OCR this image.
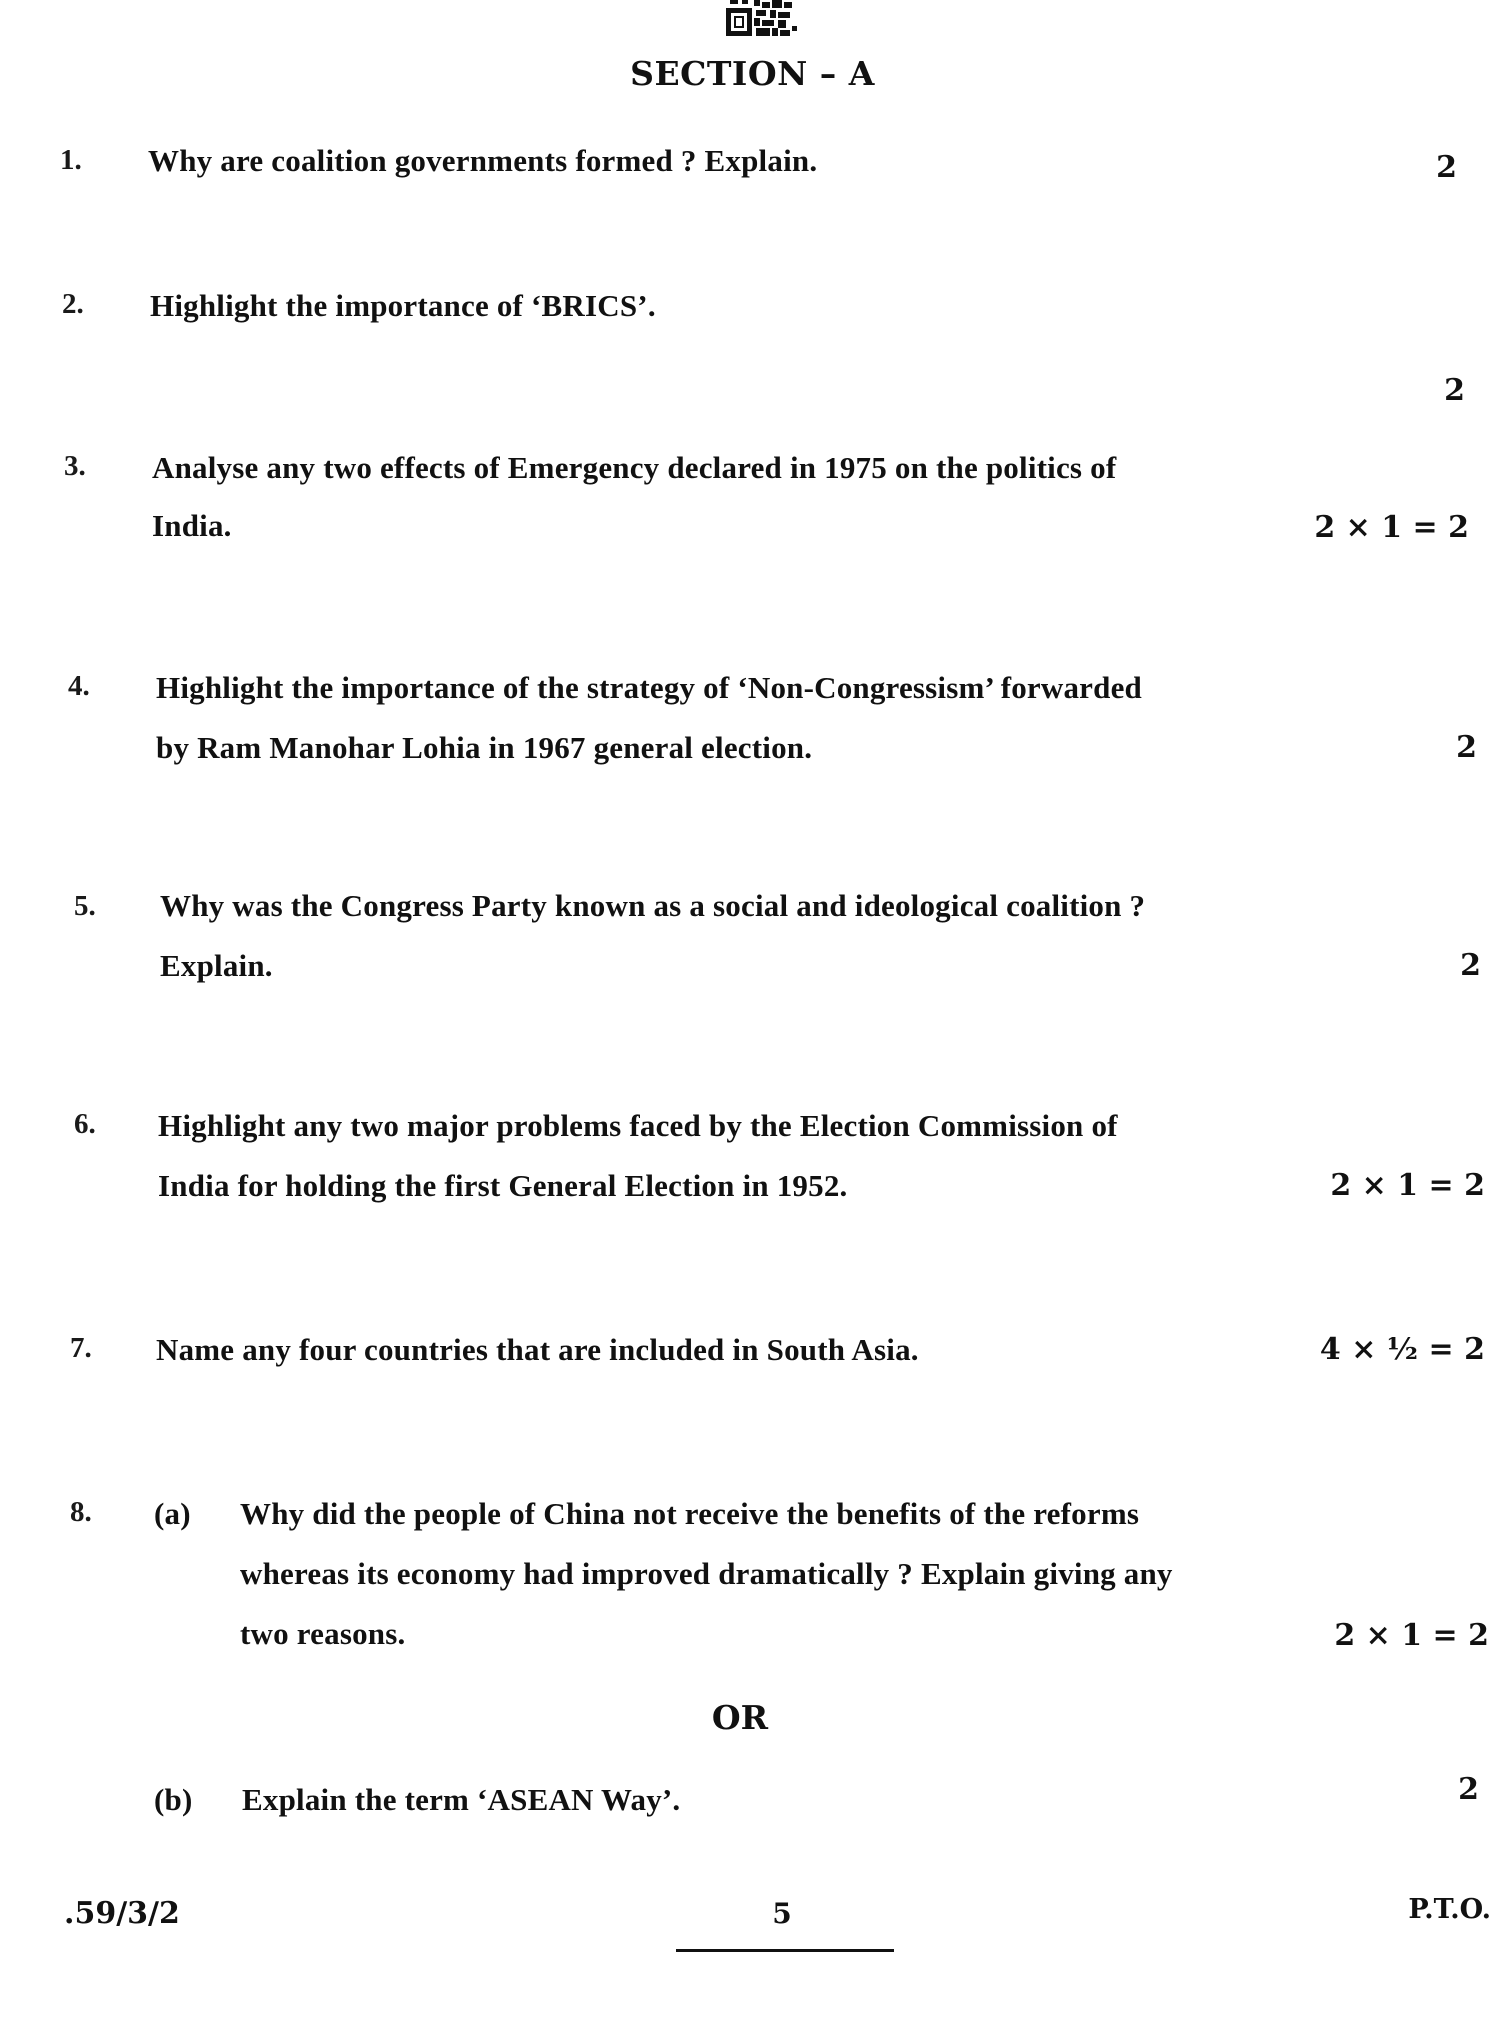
SECTION – A
1. Why are coalition governments formed ? Explain.	2
2. Highlight the importance of ‘BRICS’.
2
3. Analyse any two effects of Emergency declared in 1975 on the politics of
India.	2 × 1 = 2
4. Highlight the importance of the strategy of ‘Non-Congressism’ forwarded
by Ram Manohar Lohia in 1967 general election.	2
5. Why was the Congress Party known as a social and ideological coalition ?
Explain.	2
6. Highlight any two major problems faced by the Election Commission of
India for holding the first General Election in 1952.	2 × 1 = 2
7. Name any four countries that are included in South Asia.	4 × ½ = 2
8. (a) Why did the people of China not receive the benefits of the reforms
whereas its economy had improved dramatically ? Explain giving any
two reasons.	2 × 1 = 2
OR
(b) Explain the term ‘ASEAN Way’.	2
.59/3/2	5	P.T.O.
